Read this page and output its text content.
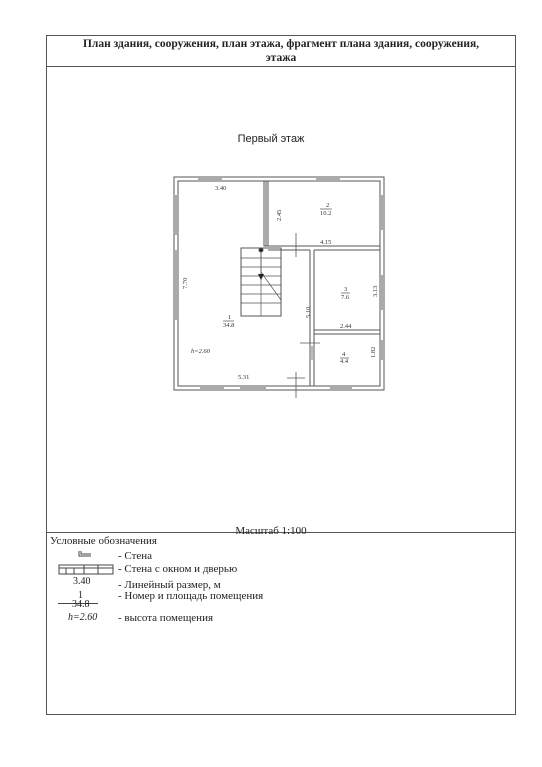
План здания, сооружения, план этажа, фрагмент плана здания, сооружения,
этажа
Первый этаж
3.40
2.45
4.15
7.70
5.10
3.13
2.44
1.82
5.31
1
34.8
2
10.2
3
7.6
4
4.4
h=2.60
Масштаб 1:100
Условные обозначения
- Стена
- Стена с окном и дверью
3.40	- Линейный размер, м
1
34.8
- Номер и площадь помещения
h=2.60 - высота помещения
